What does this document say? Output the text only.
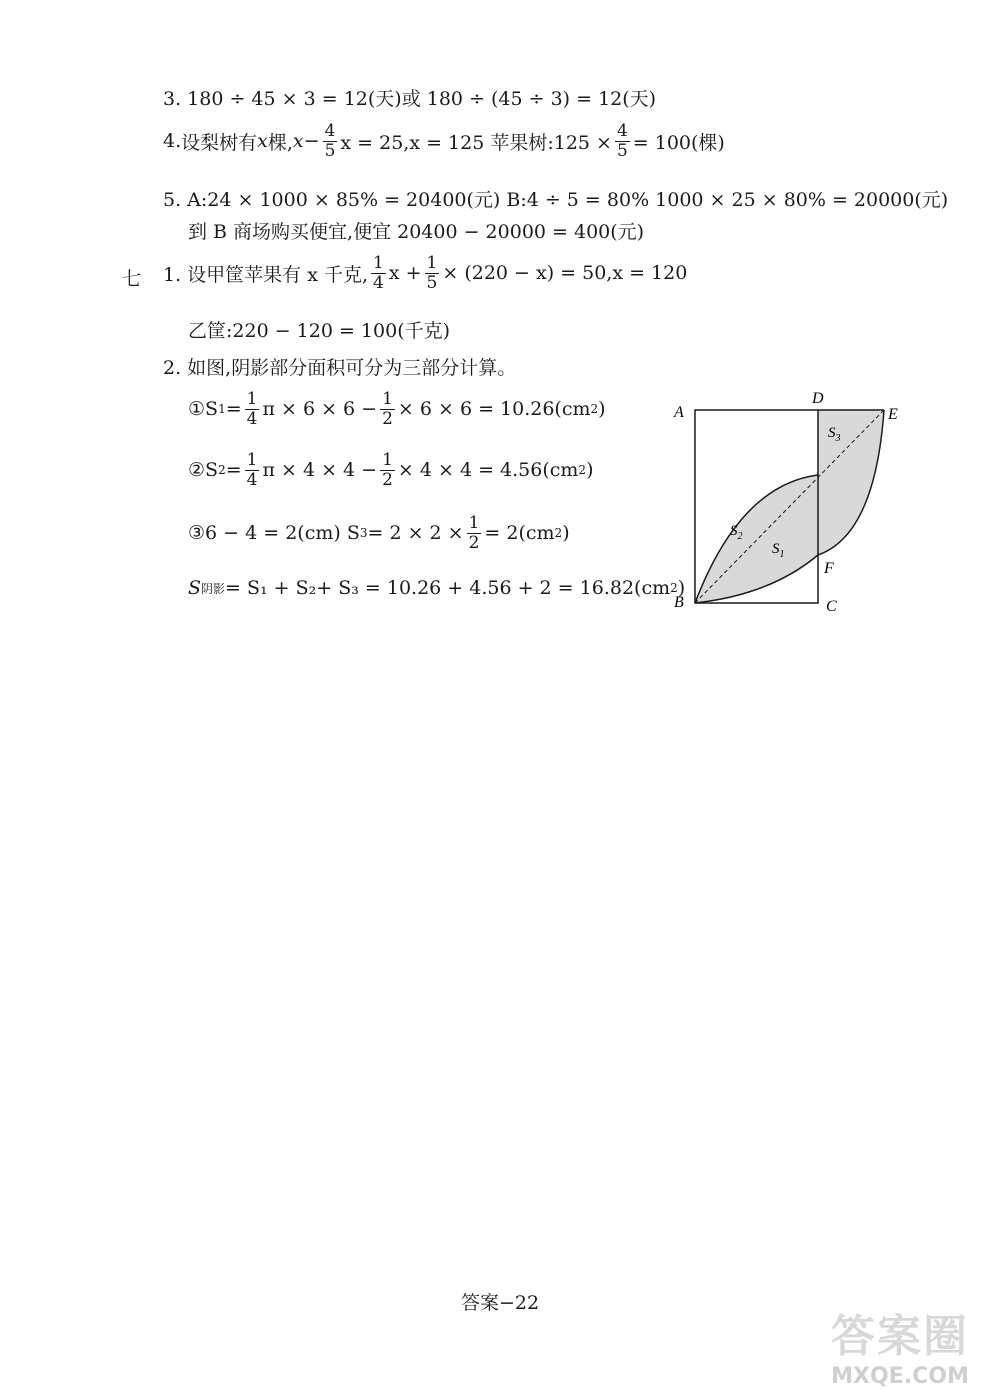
3. 180 ÷ 45 × 3 = 12(天)或 180 ÷ (45 ÷ 3) = 12(天)
4. 设梨树有 x 棵, $x - \frac{4}{5}$ x = 25,x = 125 苹果树:125 × $\frac{4}{5} = 100$(棵)
5. A:24 × 1000 × 85% = 20400(元) B:4 ÷ 5 = 80% 1000 × 25 × 80% = 20000(元)
到 B 商场购买便宜,便宜 20400 − 20000 = 400(元)
七 1. 设甲筐苹果有 x 千克, $\frac{1}{4}$ $x + \frac{1}{5} \times (220 - x) = 50,x = 120$
乙筐:220 − 120 = 100(千克)
2. 如图,阴影部分面积可分为三部分计算。
①S $1 = \frac{1}{4}$ $\pi \times 6 \times 6 - \frac{1}{2} \times 6 \times 6 = 10.26(cm$ 2 )
②S $2 = \frac{1}{4}$ $\pi \times 4 \times 4 - \frac{1}{2} \times 4 \times 4 = 4.56(cm$ 2 )
③6 − 4 = 2(cm) S $3 = 2 \times 2 \times \frac{1}{2} = 2(cm$ 2 )
S 阴影 = S₁ + S₂+ S₃ = 10.26 + 4.56 + 2 = 16.82(cm 2 )
A
B	C
D
E
F
$S_3$
$S_2$
$S_1$
答案−22
答案圈
MXQE.COM
